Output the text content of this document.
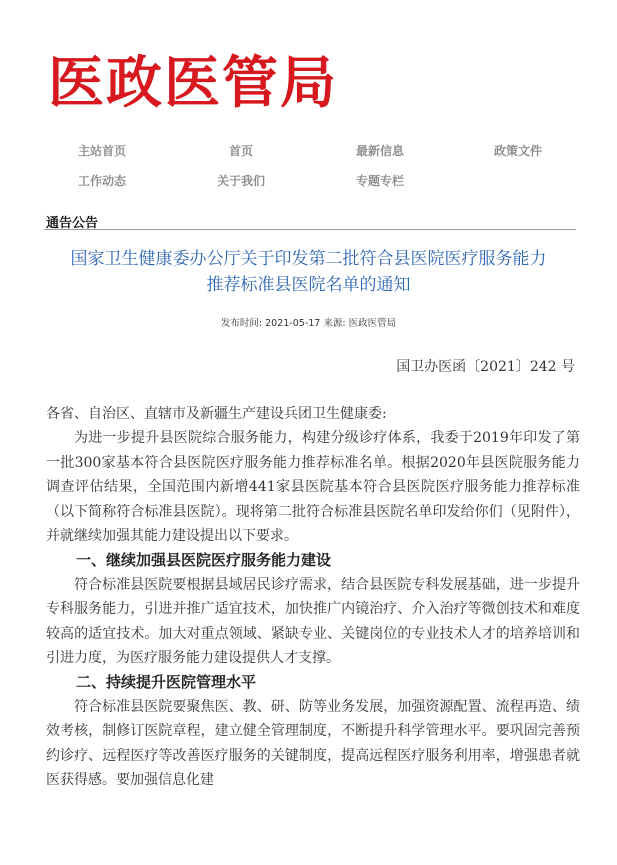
医政医管局
主站首页	首页	最新信息	政策文件
工作动态	关于我们	专题专栏
通告公告
国家卫生健康委办公厅关于印发第二批符合县医院医疗服务能力
推荐标准县医院名单的通知
发布时间: 2021-05-17 来源: 医政医管局
国卫办医函〔2021〕242 号

各省、自治区、直辖市及新疆生产建设兵团卫生健康委:

为进一步提升县医院综合服务能力，构建分级诊疗体系，我委于2019年印发了第一批300家基本符合县医院医疗服务能力推荐标准名单。根据2020年县医院服务能力调查评估结果，全国范围内新增441家县医院基本符合县医院医疗服务能力推荐标准（以下简称符合标准县医院）。现将第二批符合标准县医院名单印发给你们（见附件），并就继续加强其能力建设提出以下要求。

一、继续加强县医院医疗服务能力建设

符合标准县医院要根据县域居民诊疗需求，结合县医院专科发展基础，进一步提升专科服务能力，引进并推广适宜技术，加快推广内镜治疗、介入治疗等微创技术和难度较高的适宜技术。加大对重点领域、紧缺专业、关键岗位的专业技术人才的培养培训和引进力度，为医疗服务能力建设提供人才支撑。

二、持续提升医院管理水平

符合标准县医院要聚焦医、教、研、防等业务发展，加强资源配置、流程再造、绩效考核，制修订医院章程，建立健全管理制度，不断提升科学管理水平。要巩固完善预约诊疗、远程医疗等改善医疗服务的关键制度，提高远程医疗服务利用率，增强患者就医获得感。要加强信息化建
